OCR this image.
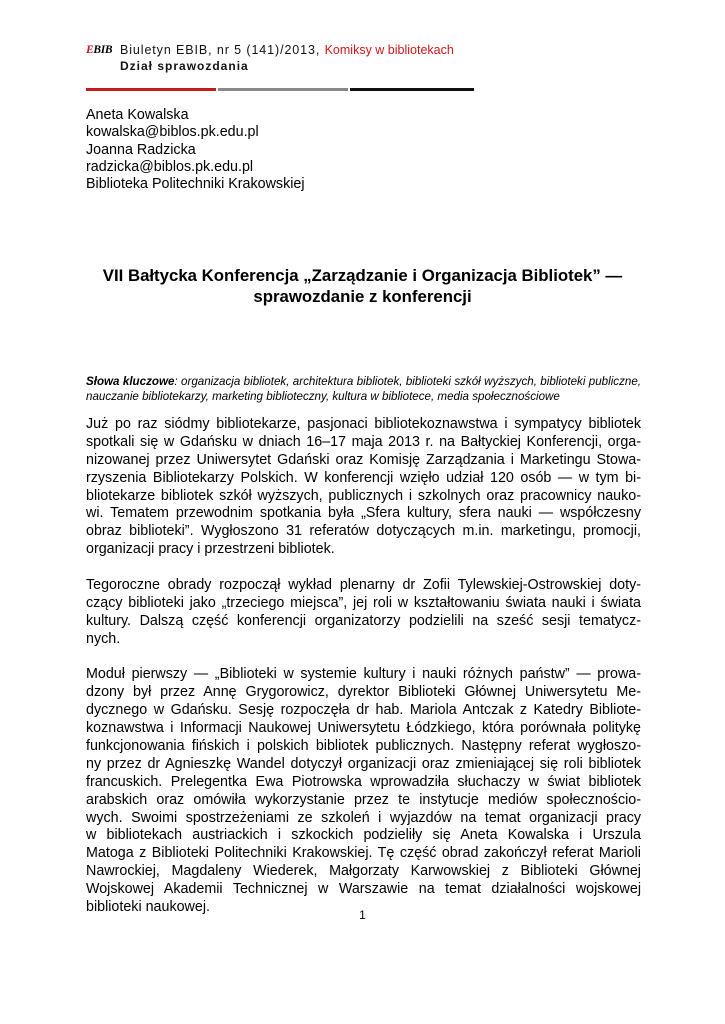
EBIB Biuletyn EBIB, nr 5 (141)/2013, Komiksy w bibliotekach
Dział sprawozdania
Aneta Kowalska
kowalska@biblos.pk.edu.pl
Joanna Radzicka
radzicka@biblos.pk.edu.pl
Biblioteka Politechniki Krakowskiej
VII Bałtycka Konferencja „Zarządzanie i Organizacja Bibliotek” — sprawozdanie z konferencji
Słowa kluczowe: organizacja bibliotek, architektura bibliotek, biblioteki szkół wyższych, biblioteki publiczne, nauczanie bibliotekarzy, marketing biblioteczny, kultura w bibliotece, media społecznościowe
Już po raz siódmy bibliotekarze, pasjonaci bibliotekoznawstwa i sympatycy bibliotek
spotkali się w Gdańsku w dniach 16–17 maja 2013 r. na Bałtyckiej Konferencji, orga-
nizowanej przez Uniwersytet Gdański oraz Komisję Zarządzania i Marketingu Stowa-
rzyszenia Bibliotekarzy Polskich. W konferencji wzięło udział 120 osób — w tym bi-
bliotekarze bibliotek szkół wyższych, publicznych i szkolnych oraz pracownicy nauko-
wi. Tematem przewodnim spotkania była „Sfera kultury, sfera nauki — współczesny
obraz biblioteki”. Wygłoszono 31 referatów dotyczących m.in. marketingu, promocji,
organizacji pracy i przestrzeni bibliotek.
Tegoroczne obrady rozpoczął wykład plenarny dr Zofii Tylewskiej-Ostrowskiej doty-
czący biblioteki jako „trzeciego miejsca”, jej roli w kształtowaniu świata nauki i świata
kultury. Dalszą część konferencji organizatorzy podzielili na sześć sesji tematycz-
nych.
Moduł pierwszy — „Biblioteki w systemie kultury i nauki różnych państw” — prowa-
dzony był przez Annę Grygorowicz, dyrektor Biblioteki Głównej Uniwersytetu Me-
dycznego w Gdańsku. Sesję rozpoczęła dr hab. Mariola Antczak z Katedry Bibliote-
koznawstwa i Informacji Naukowej Uniwersytetu Łódzkiego, która porównała politykę
funkcjonowania fińskich i polskich bibliotek publicznych. Następny referat wygłoszo-
ny przez dr Agnieszkę Wandel dotyczył organizacji oraz zmieniającej się roli bibliotek
francuskich. Prelegentka Ewa Piotrowska wprowadziła słuchaczy w świat bibliotek
arabskich oraz omówiła wykorzystanie przez te instytucje mediów społecznościo-
wych. Swoimi spostrzeżeniami ze szkoleń i wyjazdów na temat organizacji pracy
w bibliotekach austriackich i szkockich podzieliły się Aneta Kowalska i Urszula
Matoga z Biblioteki Politechniki Krakowskiej. Tę część obrad zakończył referat Marioli
Nawrockiej, Magdaleny Wiederek, Małgorzaty Karwowskiej z Biblioteki Głównej
Wojskowej Akademii Technicznej w Warszawie na temat działalności wojskowej
biblioteki naukowej.	1
